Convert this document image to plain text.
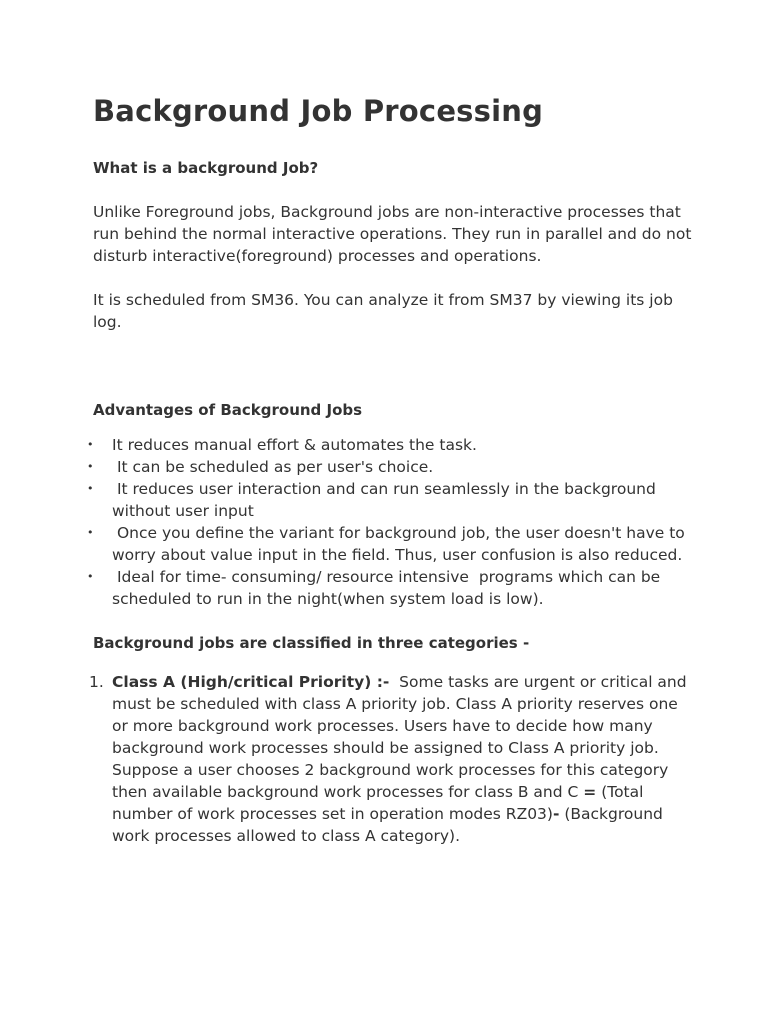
Background Job Processing
What is a background Job?

Unlike Foreground jobs, Background jobs are non-interactive processes that run behind the normal interactive operations. They run in parallel and do not disturb interactive(foreground) processes and operations.

It is scheduled from SM36. You can analyze it from SM37 by viewing its job log.

Advantages of Background Jobs
• It reduces manual effort & automates the task.
• It can be scheduled as per user's choice.
• It reduces user interaction and can run seamlessly in the background without user input
• Once you define the variant for background job, the user doesn't have to worry about value input in the field. Thus, user confusion is also reduced.
• Ideal for time- consuming/ resource intensive  programs which can be scheduled to run in the night(when system load is low).
Background jobs are classified in three categories -
1. Class A (High/critical Priority) :-  Some tasks are urgent or critical and  must be scheduled with class A priority job. Class A priority reserves one or more background work processes. Users have to decide how many background work processes should be assigned to Class A priority job. Suppose a user chooses 2 background work processes for this category then available background work processes for class B and C = (Total number of work processes set in operation modes RZ03)- (Background work processes allowed to class A category).
